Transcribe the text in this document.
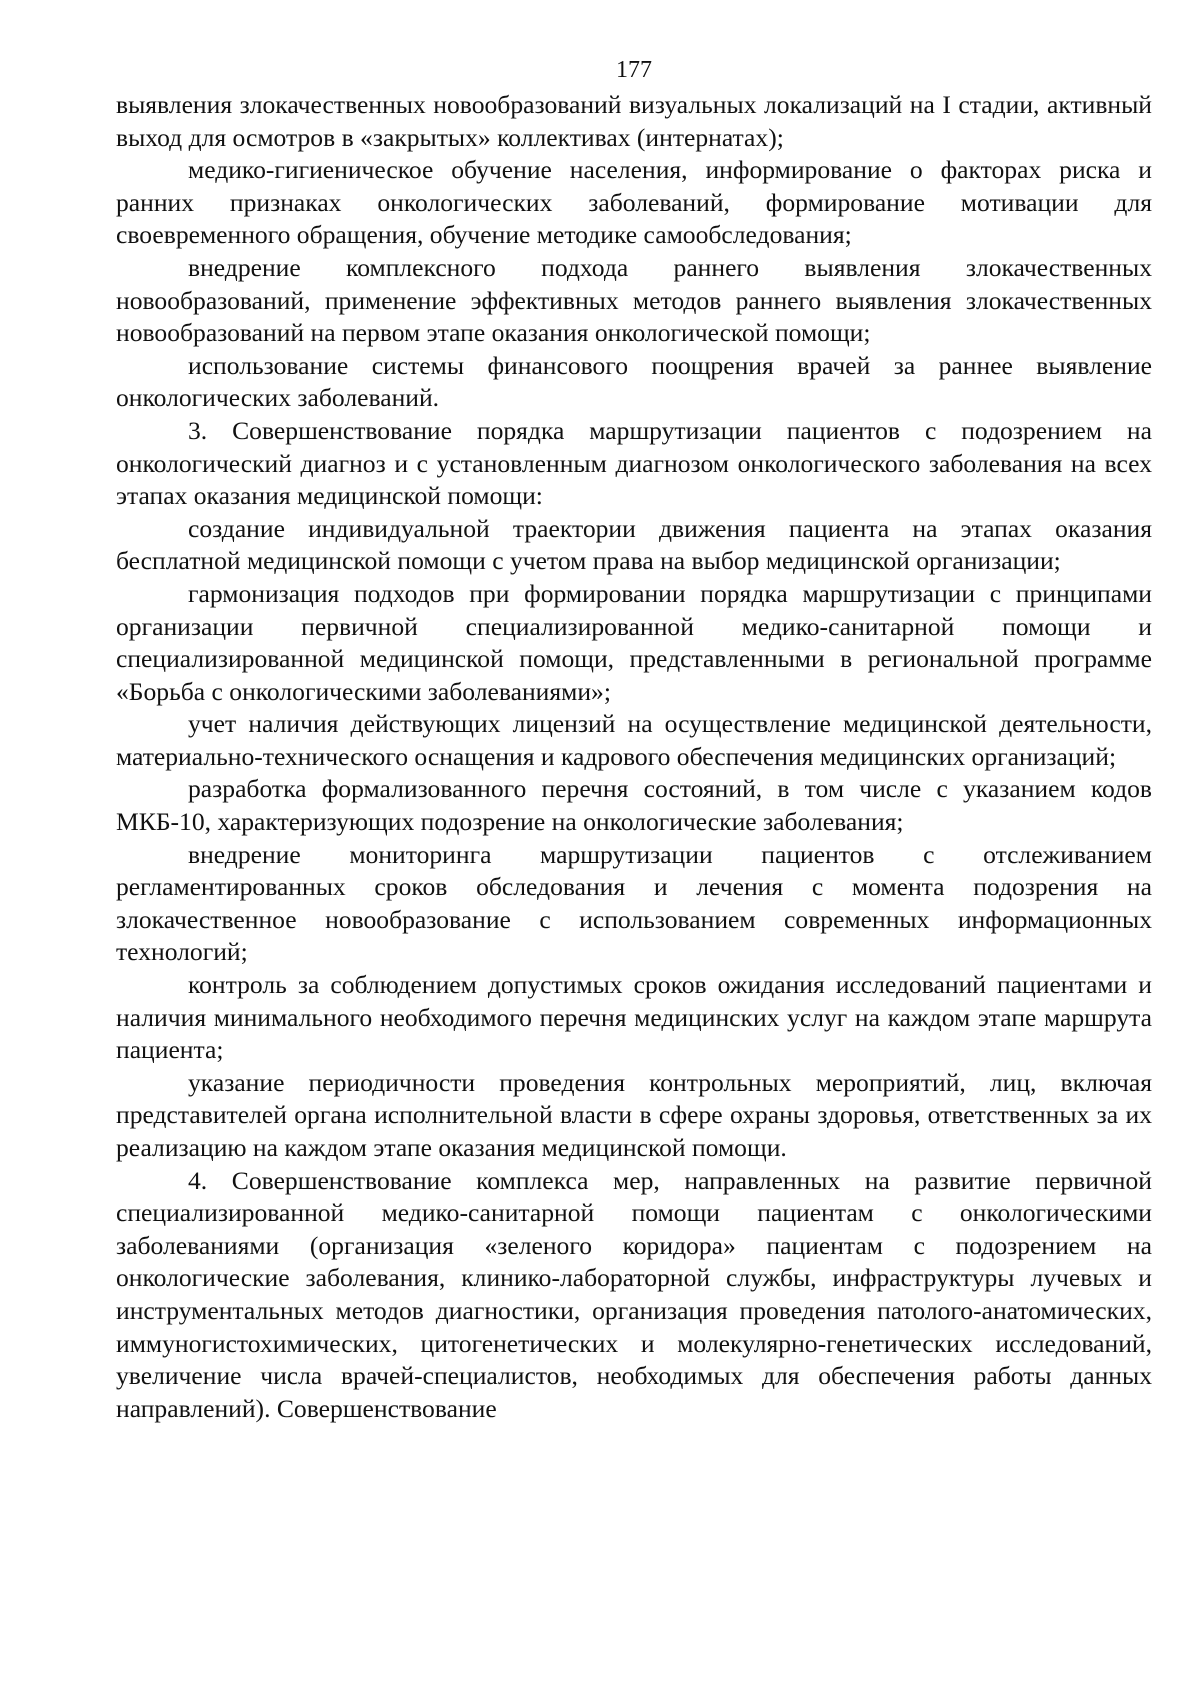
177

выявления злокачественных новообразований визуальных локализаций на I стадии, активный выход для осмотров в «закрытых» коллективах (интернатах);

медико-гигиеническое обучение населения, информирование о факторах риска и ранних признаках онкологических заболеваний, формирование мотивации для своевременного обращения, обучение методике самообследования;

внедрение комплексного подхода раннего выявления злокачественных новообразований, применение эффективных методов раннего выявления злокачественных новообразований на первом этапе оказания онкологической помощи;

использование системы финансового поощрения врачей за раннее выявление онкологических заболеваний.

3. Совершенствование порядка маршрутизации пациентов с подозрением на онкологический диагноз и с установленным диагнозом онкологического заболевания на всех этапах оказания медицинской помощи:

создание индивидуальной траектории движения пациента на этапах оказания бесплатной медицинской помощи с учетом права на выбор медицинской организации;

гармонизация подходов при формировании порядка маршрутизации с принципами организации первичной специализированной медико-санитарной помощи и специализированной медицинской помощи, представленными в региональной программе «Борьба с онкологическими заболеваниями»;

учет наличия действующих лицензий на осуществление медицинской деятельности, материально-технического оснащения и кадрового обеспечения медицинских организаций;

разработка формализованного перечня состояний, в том числе с указанием кодов МКБ-10, характеризующих подозрение на онкологические заболевания;

внедрение мониторинга маршрутизации пациентов с отслеживанием регламентированных сроков обследования и лечения с момента подозрения на злокачественное новообразование с использованием современных информационных технологий;

контроль за соблюдением допустимых сроков ожидания исследований пациентами и наличия минимального необходимого перечня медицинских услуг на каждом этапе маршрута пациента;

указание периодичности проведения контрольных мероприятий, лиц, включая представителей органа исполнительной власти в сфере охраны здоровья, ответственных за их реализацию на каждом этапе оказания медицинской помощи.

4. Совершенствование комплекса мер, направленных на развитие первичной специализированной медико-санитарной помощи пациентам с онкологическими заболеваниями (организация «зеленого коридора» пациентам с подозрением на онкологические заболевания, клинико-лабораторной службы, инфраструктуры лучевых и инструментальных методов диагностики, организация проведения патолого-анатомических, иммуногистохимических, цитогенетических и молекулярно-генетических исследований, увеличение числа врачей-специалистов, необходимых для обеспечения работы данных направлений). Совершенствование
